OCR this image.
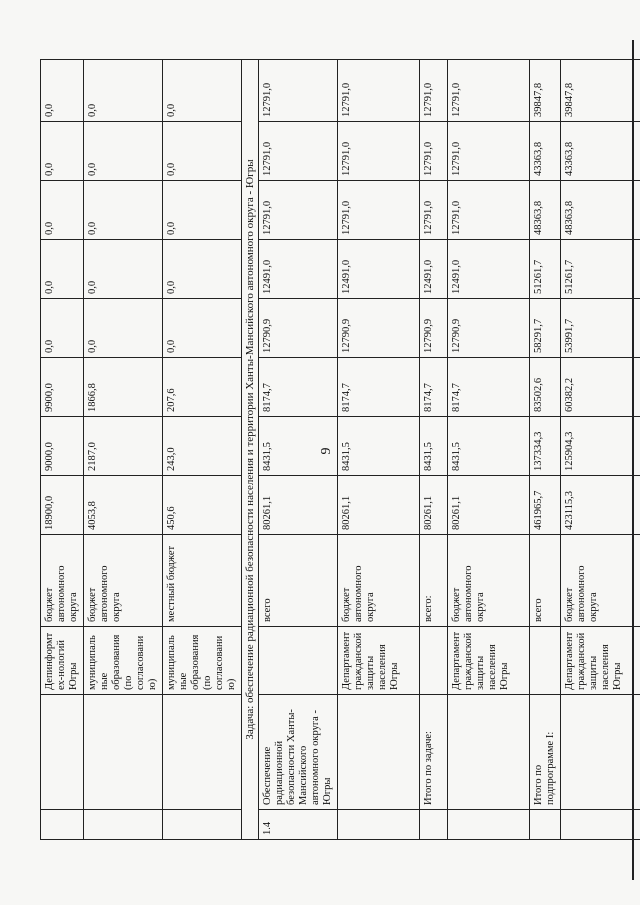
9
		Депинформтех-нологий Югры	бюджет автономного округа	18900,0	9000,0	9900,0	0,0	0,0	0,0	0,0	0,0
		муниципальные образования (по согласованию)	бюджет автономного округа	4053,8	2187,0	1866,8	0,0	0,0	0,0	0,0	0,0
		муниципальные образования (по согласованию)	местный бюджет	450,6	243,0	207,6	0,0	0,0	0,0	0,0	0,0
Задача: обеспечение радиационной безопасности населения и территории Ханты-Мансийского автономного округа - Югры											
1.4	Обеспечение радиационной безопасности Ханты-Мансийского автономного округа - Югры		всего	80261,1	8431,5	8174,7	12790,9	12491,0	12791,0	12791,0	12791,0
		Департамент гражданской защиты населения Югры	бюджет автономного округа	80261,1	8431,5	8174,7	12790,9	12491,0	12791,0	12791,0	12791,0
	Итого по задаче:		всего:	80261,1	8431,5	8174,7	12790,9	12491,0	12791,0	12791,0	12791,0
		Департамент гражданской защиты населения Югры	бюджет автономного округа	80261,1	8431,5	8174,7	12790,9	12491,0	12791,0	12791,0	12791,0
	Итого по подпрограмме I:		всего	461965,7	137334,3	83502,6	58291,7	51261,7	48363,8	43363,8	39847,8
		Департамент гражданской защиты населения Югры	бюджет автономного округа	423115,3	125904,3	60382,2	53991,7	51261,7	48363,8	43363,8	39847,8
